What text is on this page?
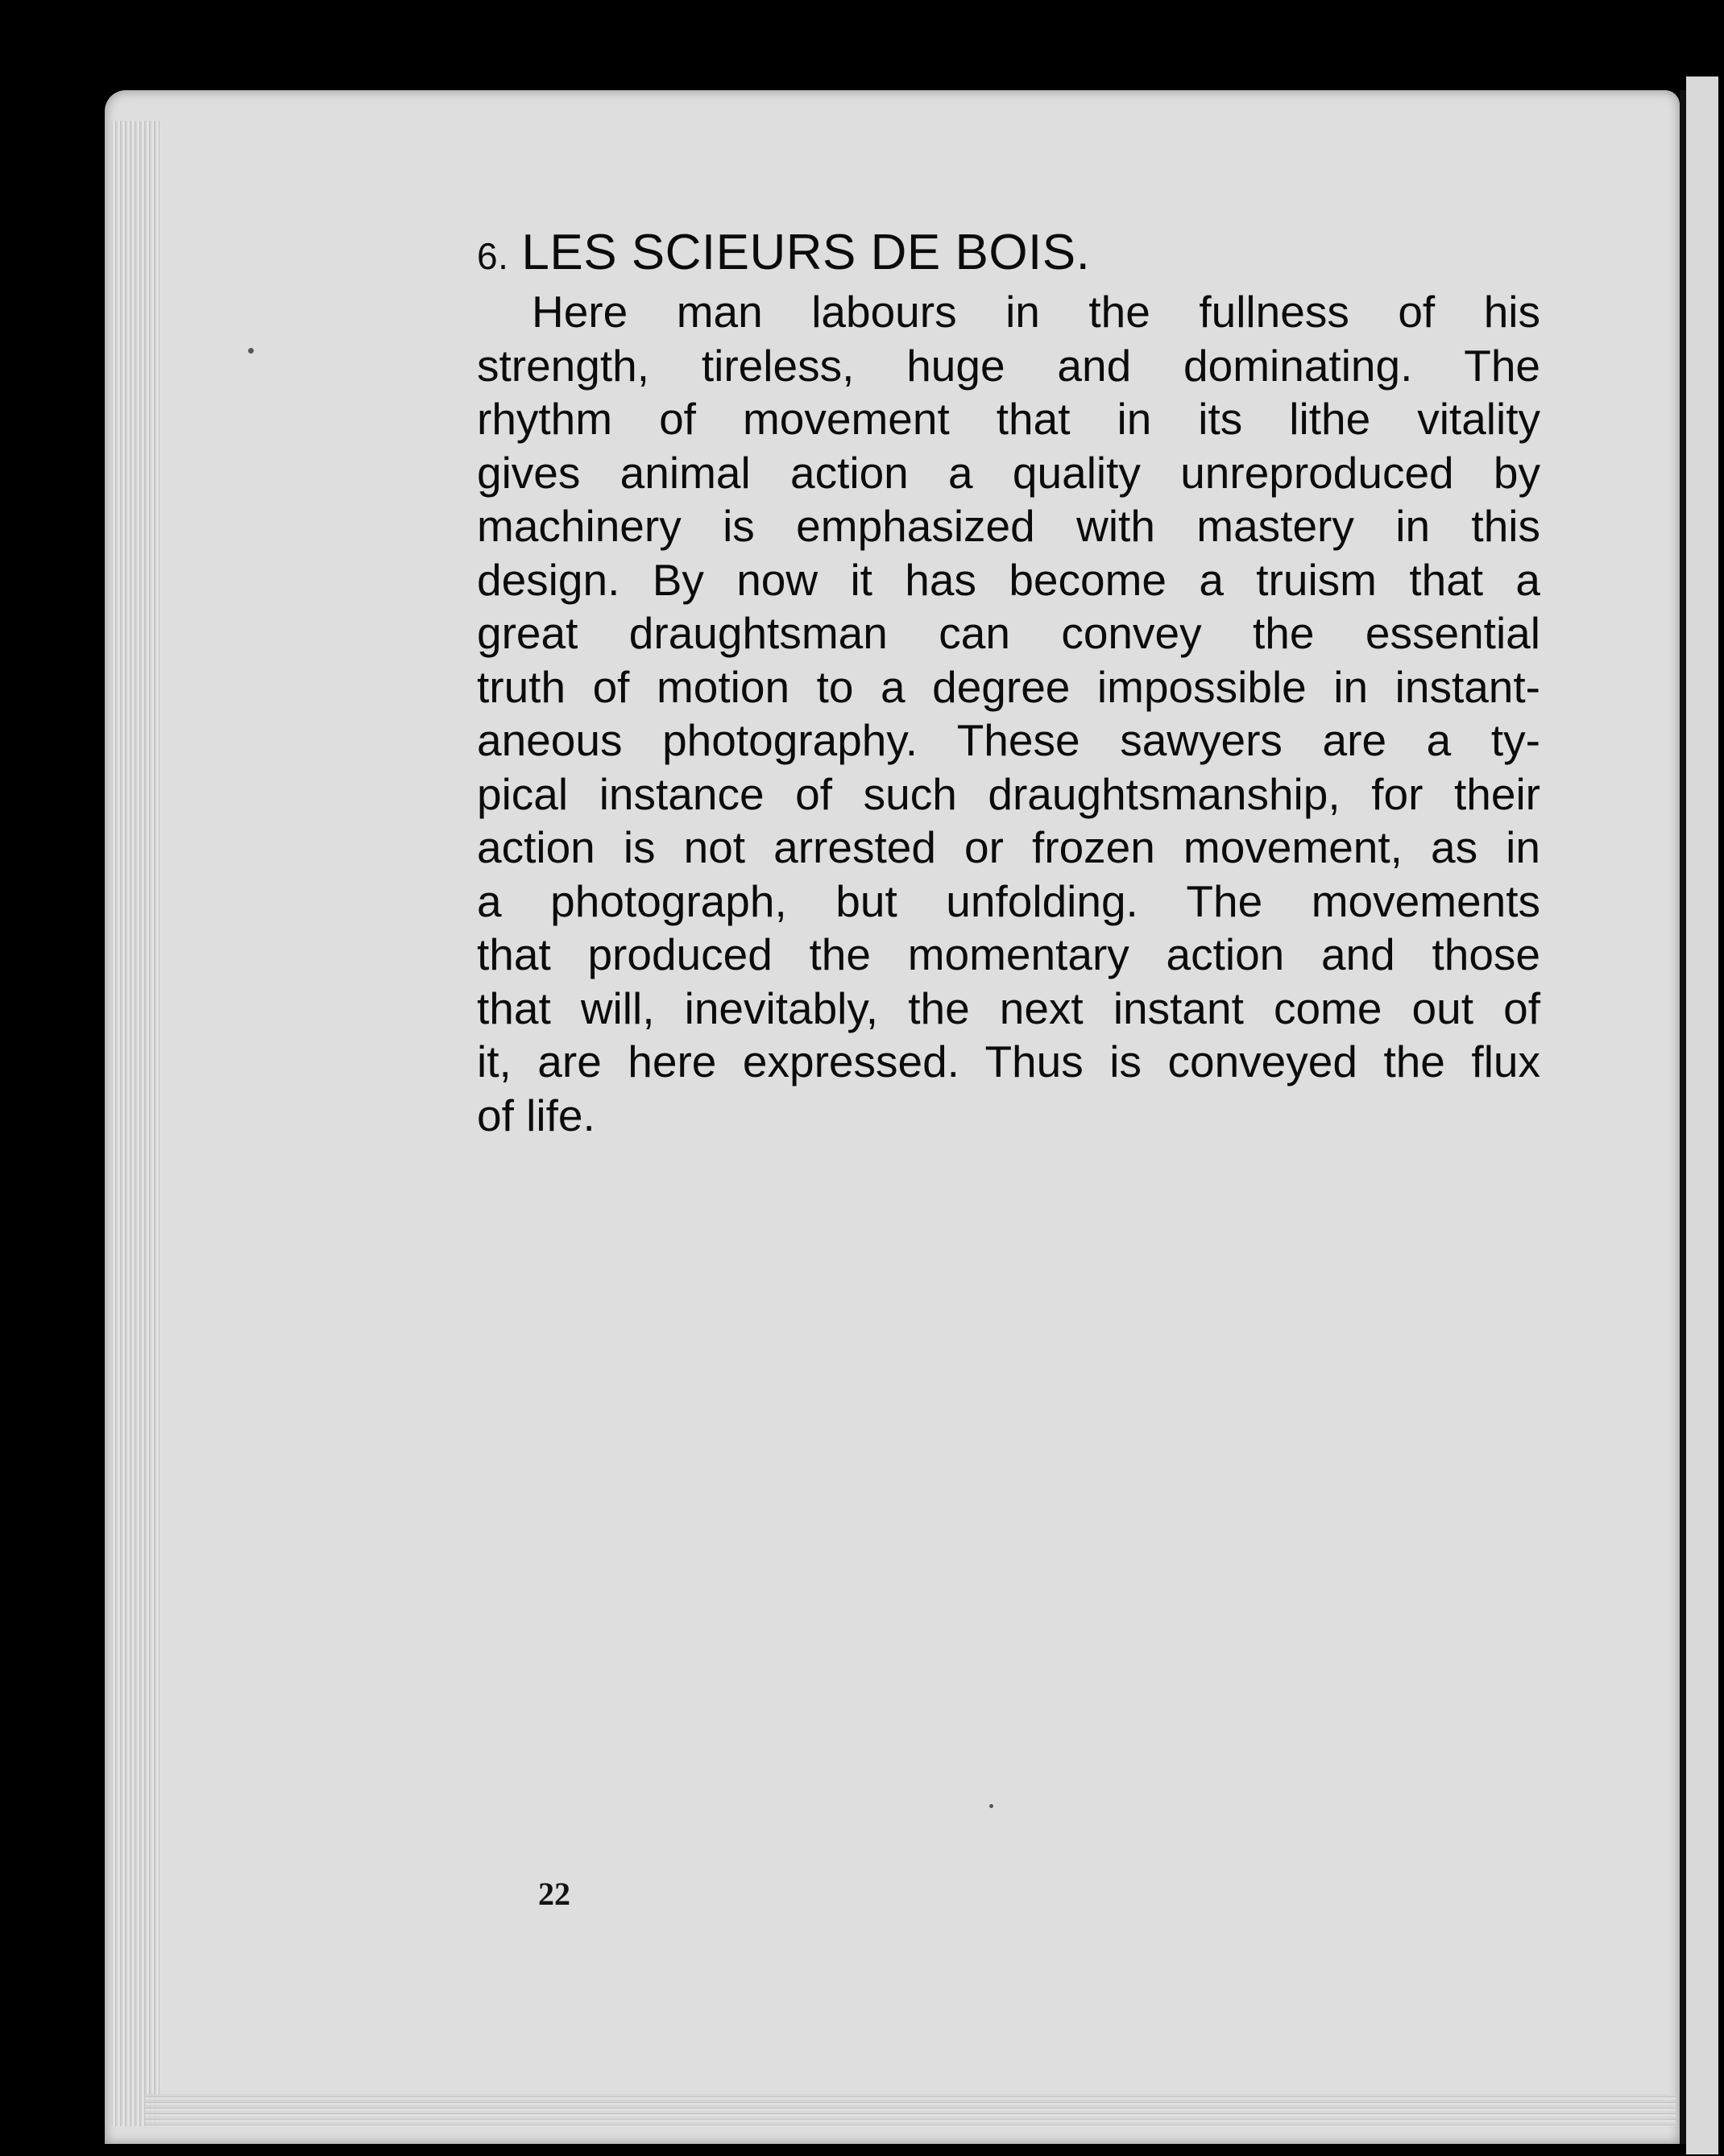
6. LES SCIEURS DE BOIS.

Here man labours in the fullness of his
strength, tireless, huge and dominating. The
rhythm of movement that in its lithe vitality
gives animal action a quality unreproduced by
machinery is emphasized with mastery in this
design. By now it has become a truism that a
great draughtsman can convey the essential
truth of motion to a degree impossible in instant-
aneous photography. These sawyers are a ty-
pical instance of such draughtsmanship, for their
action is not arrested or frozen movement, as in
a photograph, but unfolding. The movements
that produced the momentary action and those
that will, inevitably, the next instant come out of
it, are here expressed. Thus is conveyed the flux
of life.

22
